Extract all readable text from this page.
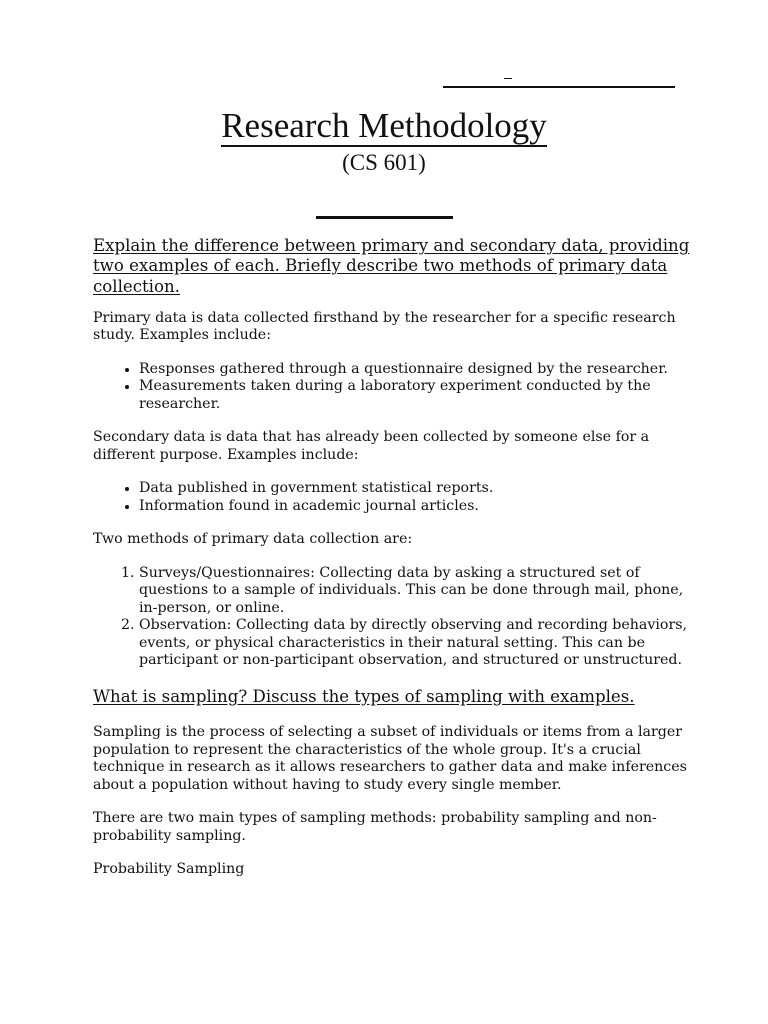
Research Methodology
(CS 601)

Explain the difference between primary and secondary data, providing two examples of each. Briefly describe two methods of primary data collection.

Primary data is data collected firsthand by the researcher for a specific research study. Examples include:

• Responses gathered through a questionnaire designed by the researcher.
• Measurements taken during a laboratory experiment conducted by the researcher.

Secondary data is data that has already been collected by someone else for a different purpose. Examples include:

• Data published in government statistical reports.
• Information found in academic journal articles.

Two methods of primary data collection are:

1. Surveys/Questionnaires: Collecting data by asking a structured set of questions to a sample of individuals. This can be done through mail, phone, in-person, or online.
2. Observation: Collecting data by directly observing and recording behaviors, events, or physical characteristics in their natural setting. This can be participant or non-participant observation, and structured or unstructured.

What is sampling? Discuss the types of sampling with examples.

Sampling is the process of selecting a subset of individuals or items from a larger population to represent the characteristics of the whole group. It's a crucial technique in research as it allows researchers to gather data and make inferences about a population without having to study every single member.

There are two main types of sampling methods: probability sampling and non-probability sampling.

Probability Sampling
